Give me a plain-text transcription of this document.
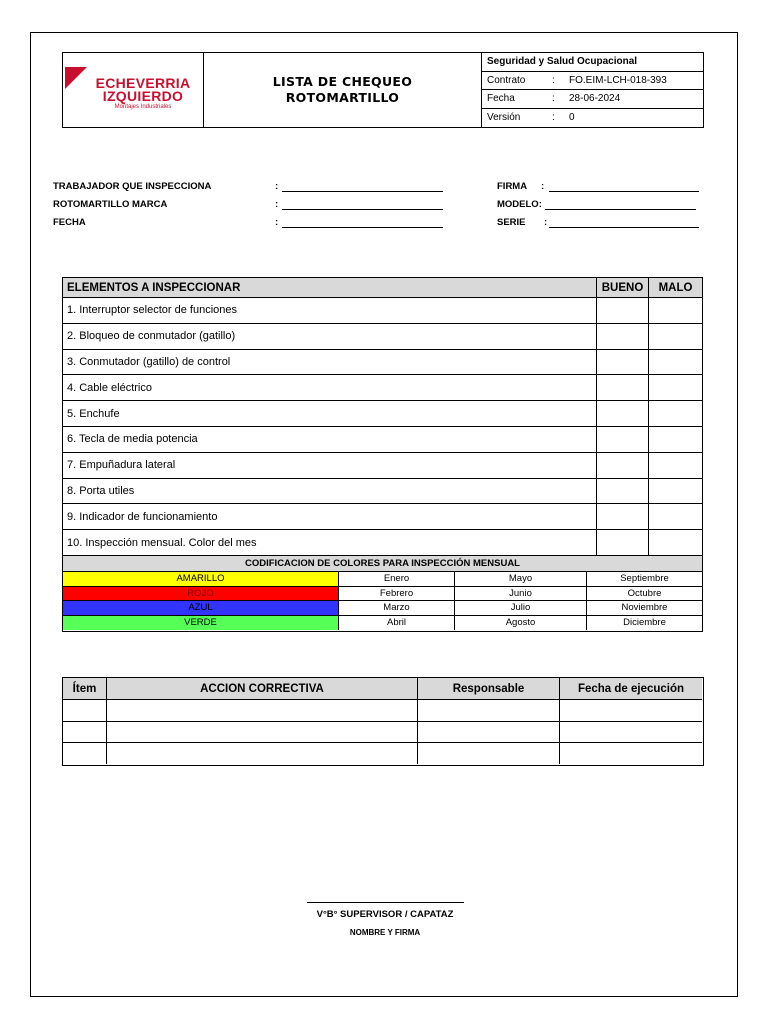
ECHEVERRIA
IZQUIERDO
Montajes Industriales
LISTA DE CHEQUEO
ROTOMARTILLO
Seguridad y Salud Ocupacional
Contrato	: FO.EIM-LCH-018-393
Fecha	: 28-06-2024
Versión	: 0
TRABAJADOR QUE INSPECCIONA	:
ROTOMARTILLO MARCA	:
FECHA	:
FIRMA :
MODELO:
SERIE :
ELEMENTOS A INSPECCIONAR	BUENO	MALO
1. Interruptor selector de funciones
2. Bloqueo de conmutador (gatillo)
3. Conmutador (gatillo) de control
4. Cable eléctrico
5. Enchufe
6. Tecla de media potencia
7. Empuñadura lateral
8. Porta utiles
9. Indicador de funcionamiento
10. Inspección mensual. Color del mes
CODIFICACION DE COLORES PARA INSPECCIÓN MENSUAL
AMARILLO	Enero	Mayo	Septiembre
ROJO	Febrero	Junio	Octubre
AZUL	Marzo	Julio	Noviembre
VERDE	Abril	Agosto	Diciembre
Ítem	ACCION CORRECTIVA	Responsable	Fecha de ejecución
V°B° SUPERVISOR / CAPATAZ
NOMBRE Y FIRMA
